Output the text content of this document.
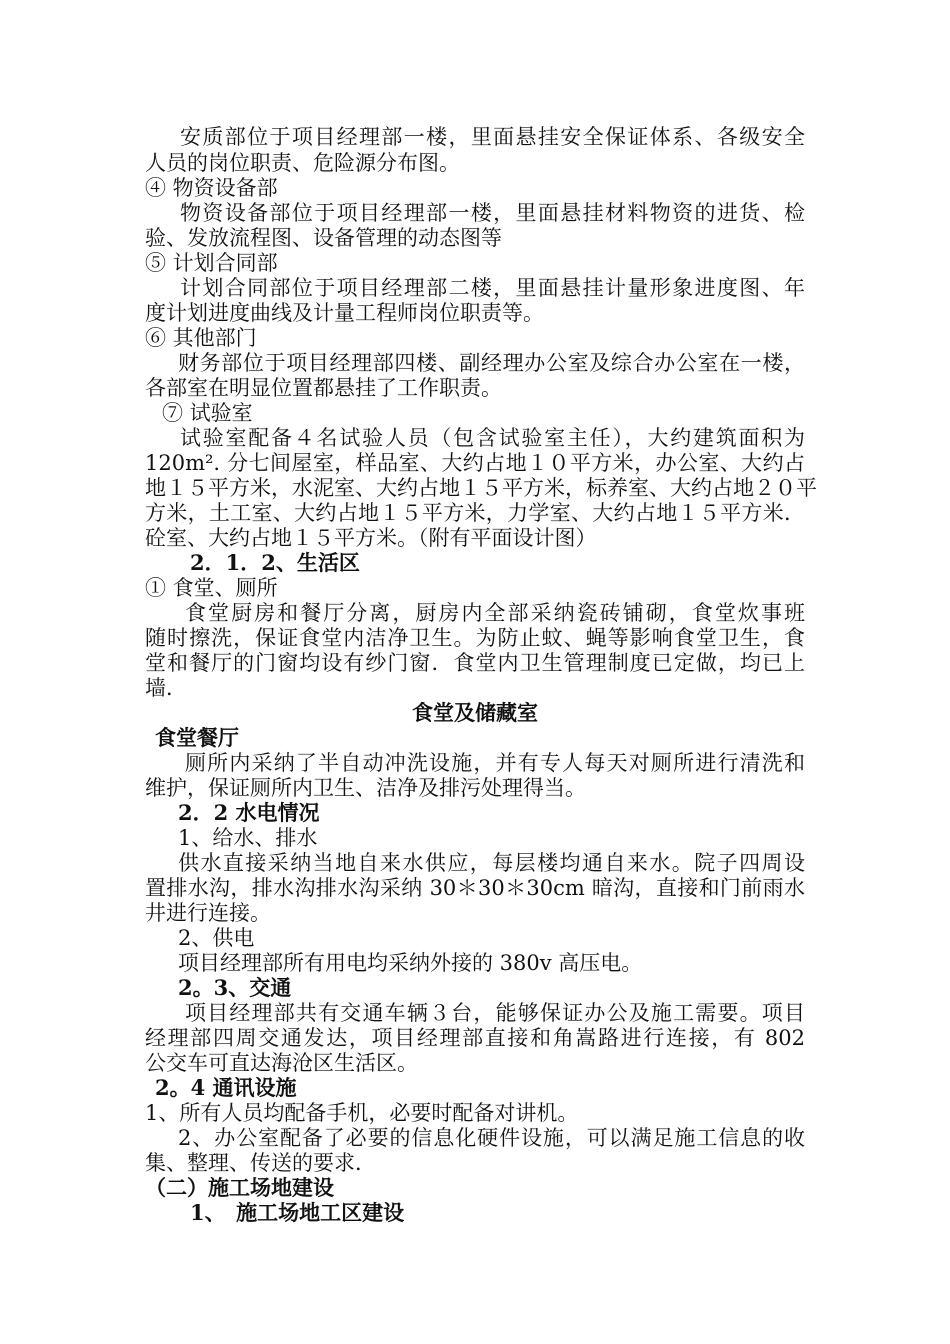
安质部位于项目经理部一楼，里面悬挂安全保证体系、各级安全
人员的岗位职责、危险源分布图。
④ 物资设备部
物资设备部位于项目经理部一楼，里面悬挂材料物资的进货、检
验、发放流程图、设备管理的动态图等
⑤ 计划合同部
计划合同部位于项目经理部二楼，里面悬挂计量形象进度图、年
度计划进度曲线及计量工程师岗位职责等。
⑥ 其他部门
财务部位于项目经理部四楼、副经理办公室及综合办公室在一楼，
各部室在明显位置都悬挂了工作职责。
⑦ 试验室
试验室配备４名试验人员（包含试验室主任），大约建筑面积为
120m². 分七间屋室，样品室、大约占地１０平方米，办公室、大约占
地１５平方米，水泥室、大约占地１５平方米，标养室、大约占地２０平
方米，土工室、大约占地１５平方米，力学室、大约占地１５平方米．
砼室、大约占地１５平方米。（附有平面设计图）
2．1．2、生活区
① 食堂、厕所
食堂厨房和餐厅分离，厨房内全部采纳瓷砖铺砌，食堂炊事班
随时擦洗，保证食堂内洁净卫生。为防止蚊、蝇等影响食堂卫生，食
堂和餐厅的门窗均设有纱门窗．食堂内卫生管理制度已定做，均已上
墙．
食堂及储藏室
食堂餐厅
厕所内采纳了半自动冲洗设施，并有专人每天对厕所进行清洗和
维护，保证厕所内卫生、洁净及排污处理得当。
2．2 水电情况
1、给水、排水
供水直接采纳当地自来水供应，每层楼均通自来水。院子四周设
置排水沟，排水沟排水沟采纳 30＊30＊30cm 暗沟，直接和门前雨水
井进行连接。
2、供电
项目经理部所有用电均采纳外接的 380v 高压电。
2。3、交通
项目经理部共有交通车辆３台，能够保证办公及施工需要。项目
经理部四周交通发达，项目经理部直接和角嵩路进行连接，有 802
公交车可直达海沧区生活区。
2。4 通讯设施
1、所有人员均配备手机，必要时配备对讲机。
2、办公室配备了必要的信息化硬件设施，可以满足施工信息的收
集、整理、传送的要求．
（二）施工场地建设
1、　施工场地工区建设
